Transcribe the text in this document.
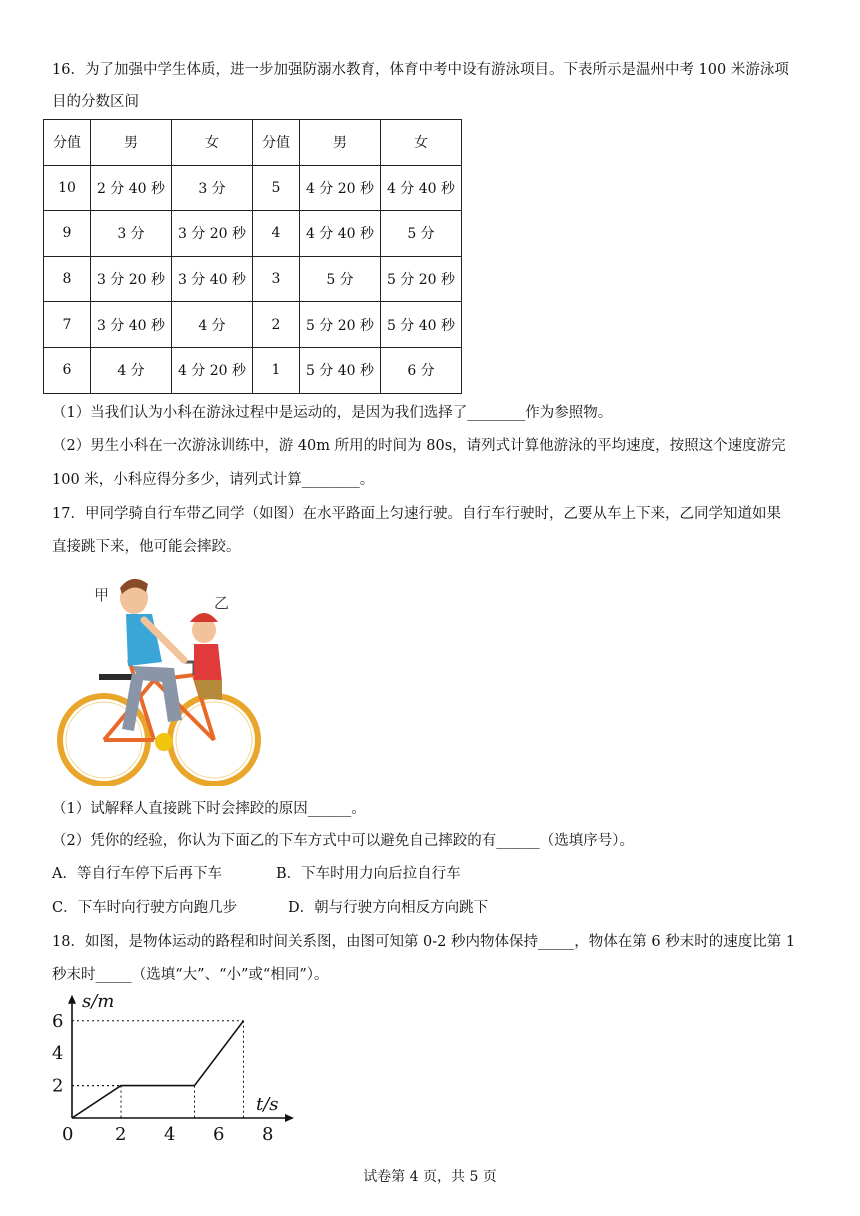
16．为了加强中学生体质，进一步加强防溺水教育，体育中考中设有游泳项目。下表所示是温州中考 100 米游泳项
目的分数区间
分值	男	女	分值	男	女
10	2 分 40 秒	3 分	5	4 分 20 秒	4 分 40 秒
9	3 分	3 分 20 秒	4	4 分 40 秒	5 分
8	3 分 20 秒	3 分 40 秒	3	5 分	5 分 20 秒
7	3 分 40 秒	4 分	2	5 分 20 秒	5 分 40 秒
6	4 分	4 分 20 秒	1	5 分 40 秒	6 分
（1）当我们认为小科在游泳过程中是运动的，是因为我们选择了________作为参照物。
（2）男生小科在一次游泳训练中，游 40m 所用的时间为 80s，请列式计算他游泳的平均速度，按照这个速度游完
100 米，小科应得分多少，请列式计算________。
17．甲同学骑自行车带乙同学（如图）在水平路面上匀速行驶。自行车行驶时，乙要从车上下来，乙同学知道如果
直接跳下来，他可能会摔跤。
甲	乙
（1）试解释人直接跳下时会摔跤的原因______。
（2）凭你的经验，你认为下面乙的下车方式中可以避免自己摔跤的有______（选填序号）。
A．等自行车停下后再下车	B．下车时用力向后拉自行车
C．下车时向行驶方向跑几步	D．朝与行驶方向相反方向跳下
18．如图，是物体运动的路程和时间关系图，由图可知第 0-2 秒内物体保持_____，物体在第 6 秒末时的速度比第 1
秒末时_____（选填“大”、“小”或“相同”）。
s/m
t/s
0 2 4 6 8
2
4
6
试卷第 4 页，共 5 页
